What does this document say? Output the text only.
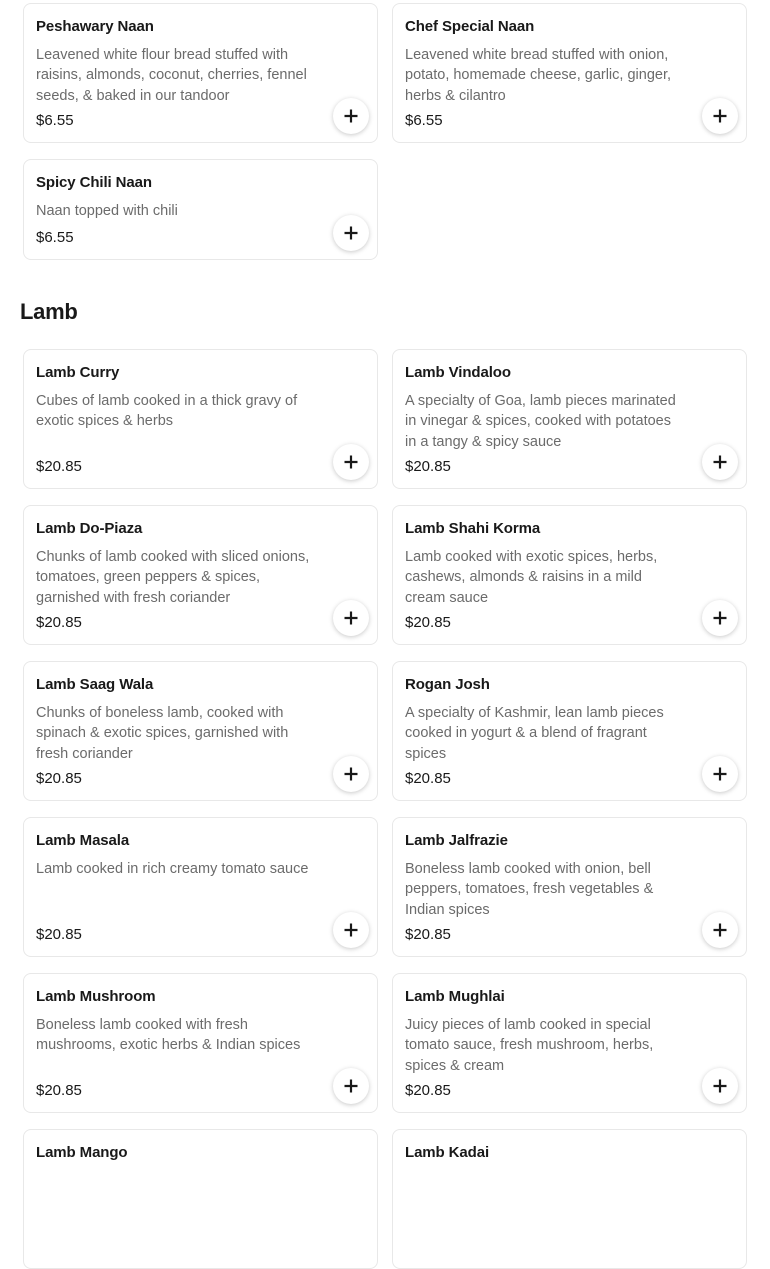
Peshawary Naan
Leavened white flour bread stuffed with raisins, almonds, coconut, cherries, fennel seeds, & baked in our tandoor
$6.55
Chef Special Naan
Leavened white bread stuffed with onion, potato, homemade cheese, garlic, ginger, herbs & cilantro
$6.55
Spicy Chili Naan
Naan topped with chili
$6.55
Lamb
Lamb Curry
Cubes of lamb cooked in a thick gravy of exotic spices & herbs
$20.85
Lamb Vindaloo
A specialty of Goa, lamb pieces marinated in vinegar & spices, cooked with potatoes in a tangy & spicy sauce
$20.85
Lamb Do-Piaza
Chunks of lamb cooked with sliced onions, tomatoes, green peppers & spices, garnished with fresh coriander
$20.85
Lamb Shahi Korma
Lamb cooked with exotic spices, herbs, cashews, almonds & raisins in a mild cream sauce
$20.85
Lamb Saag Wala
Chunks of boneless lamb, cooked with spinach & exotic spices, garnished with fresh coriander
$20.85
Rogan Josh
A specialty of Kashmir, lean lamb pieces cooked in yogurt & a blend of fragrant spices
$20.85
Lamb Masala
Lamb cooked in rich creamy tomato sauce
$20.85
Lamb Jalfrazie
Boneless lamb cooked with onion, bell peppers, tomatoes, fresh vegetables & Indian spices
$20.85
Lamb Mushroom
Boneless lamb cooked with fresh mushrooms, exotic herbs & Indian spices
$20.85
Lamb Mughlai
Juicy pieces of lamb cooked in special tomato sauce, fresh mushroom, herbs, spices & cream
$20.85
Lamb Mango	Lamb Kadai
